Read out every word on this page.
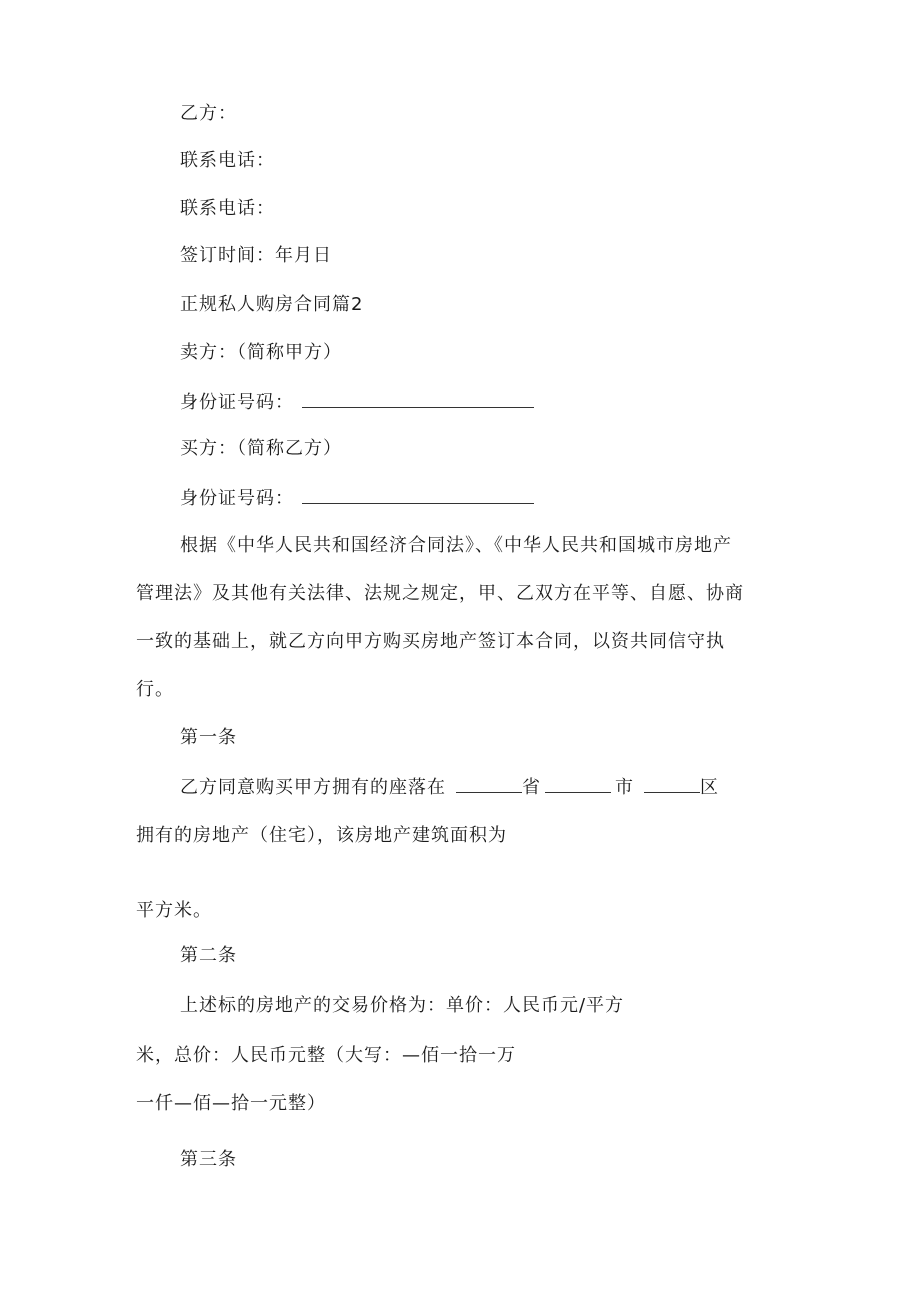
乙方：
联系电话：
联系电话：
签订时间：年月日
正规私人购房合同篇2
卖方：（简称甲方）
身份证号码：
买方：（简称乙方）
身份证号码：
根据《中华人民共和国经济合同法》、《中华人民共和国城市房地产
管理法》及其他有关法律、法规之规定，甲、乙双方在平等、自愿、协商
一致的基础上，就乙方向甲方购买房地产签订本合同，以资共同信守执
行。
第一条
乙方同意购买甲方拥有的座落在	省	市	区
拥有的房地产（住宅），该房地产建筑面积为
平方米。
第二条
上述标的房地产的交易价格为：单价：人民币元/平方
米，总价：人民币元整（大写：—佰一拾一万
一仟—佰—拾一元整）
第三条
